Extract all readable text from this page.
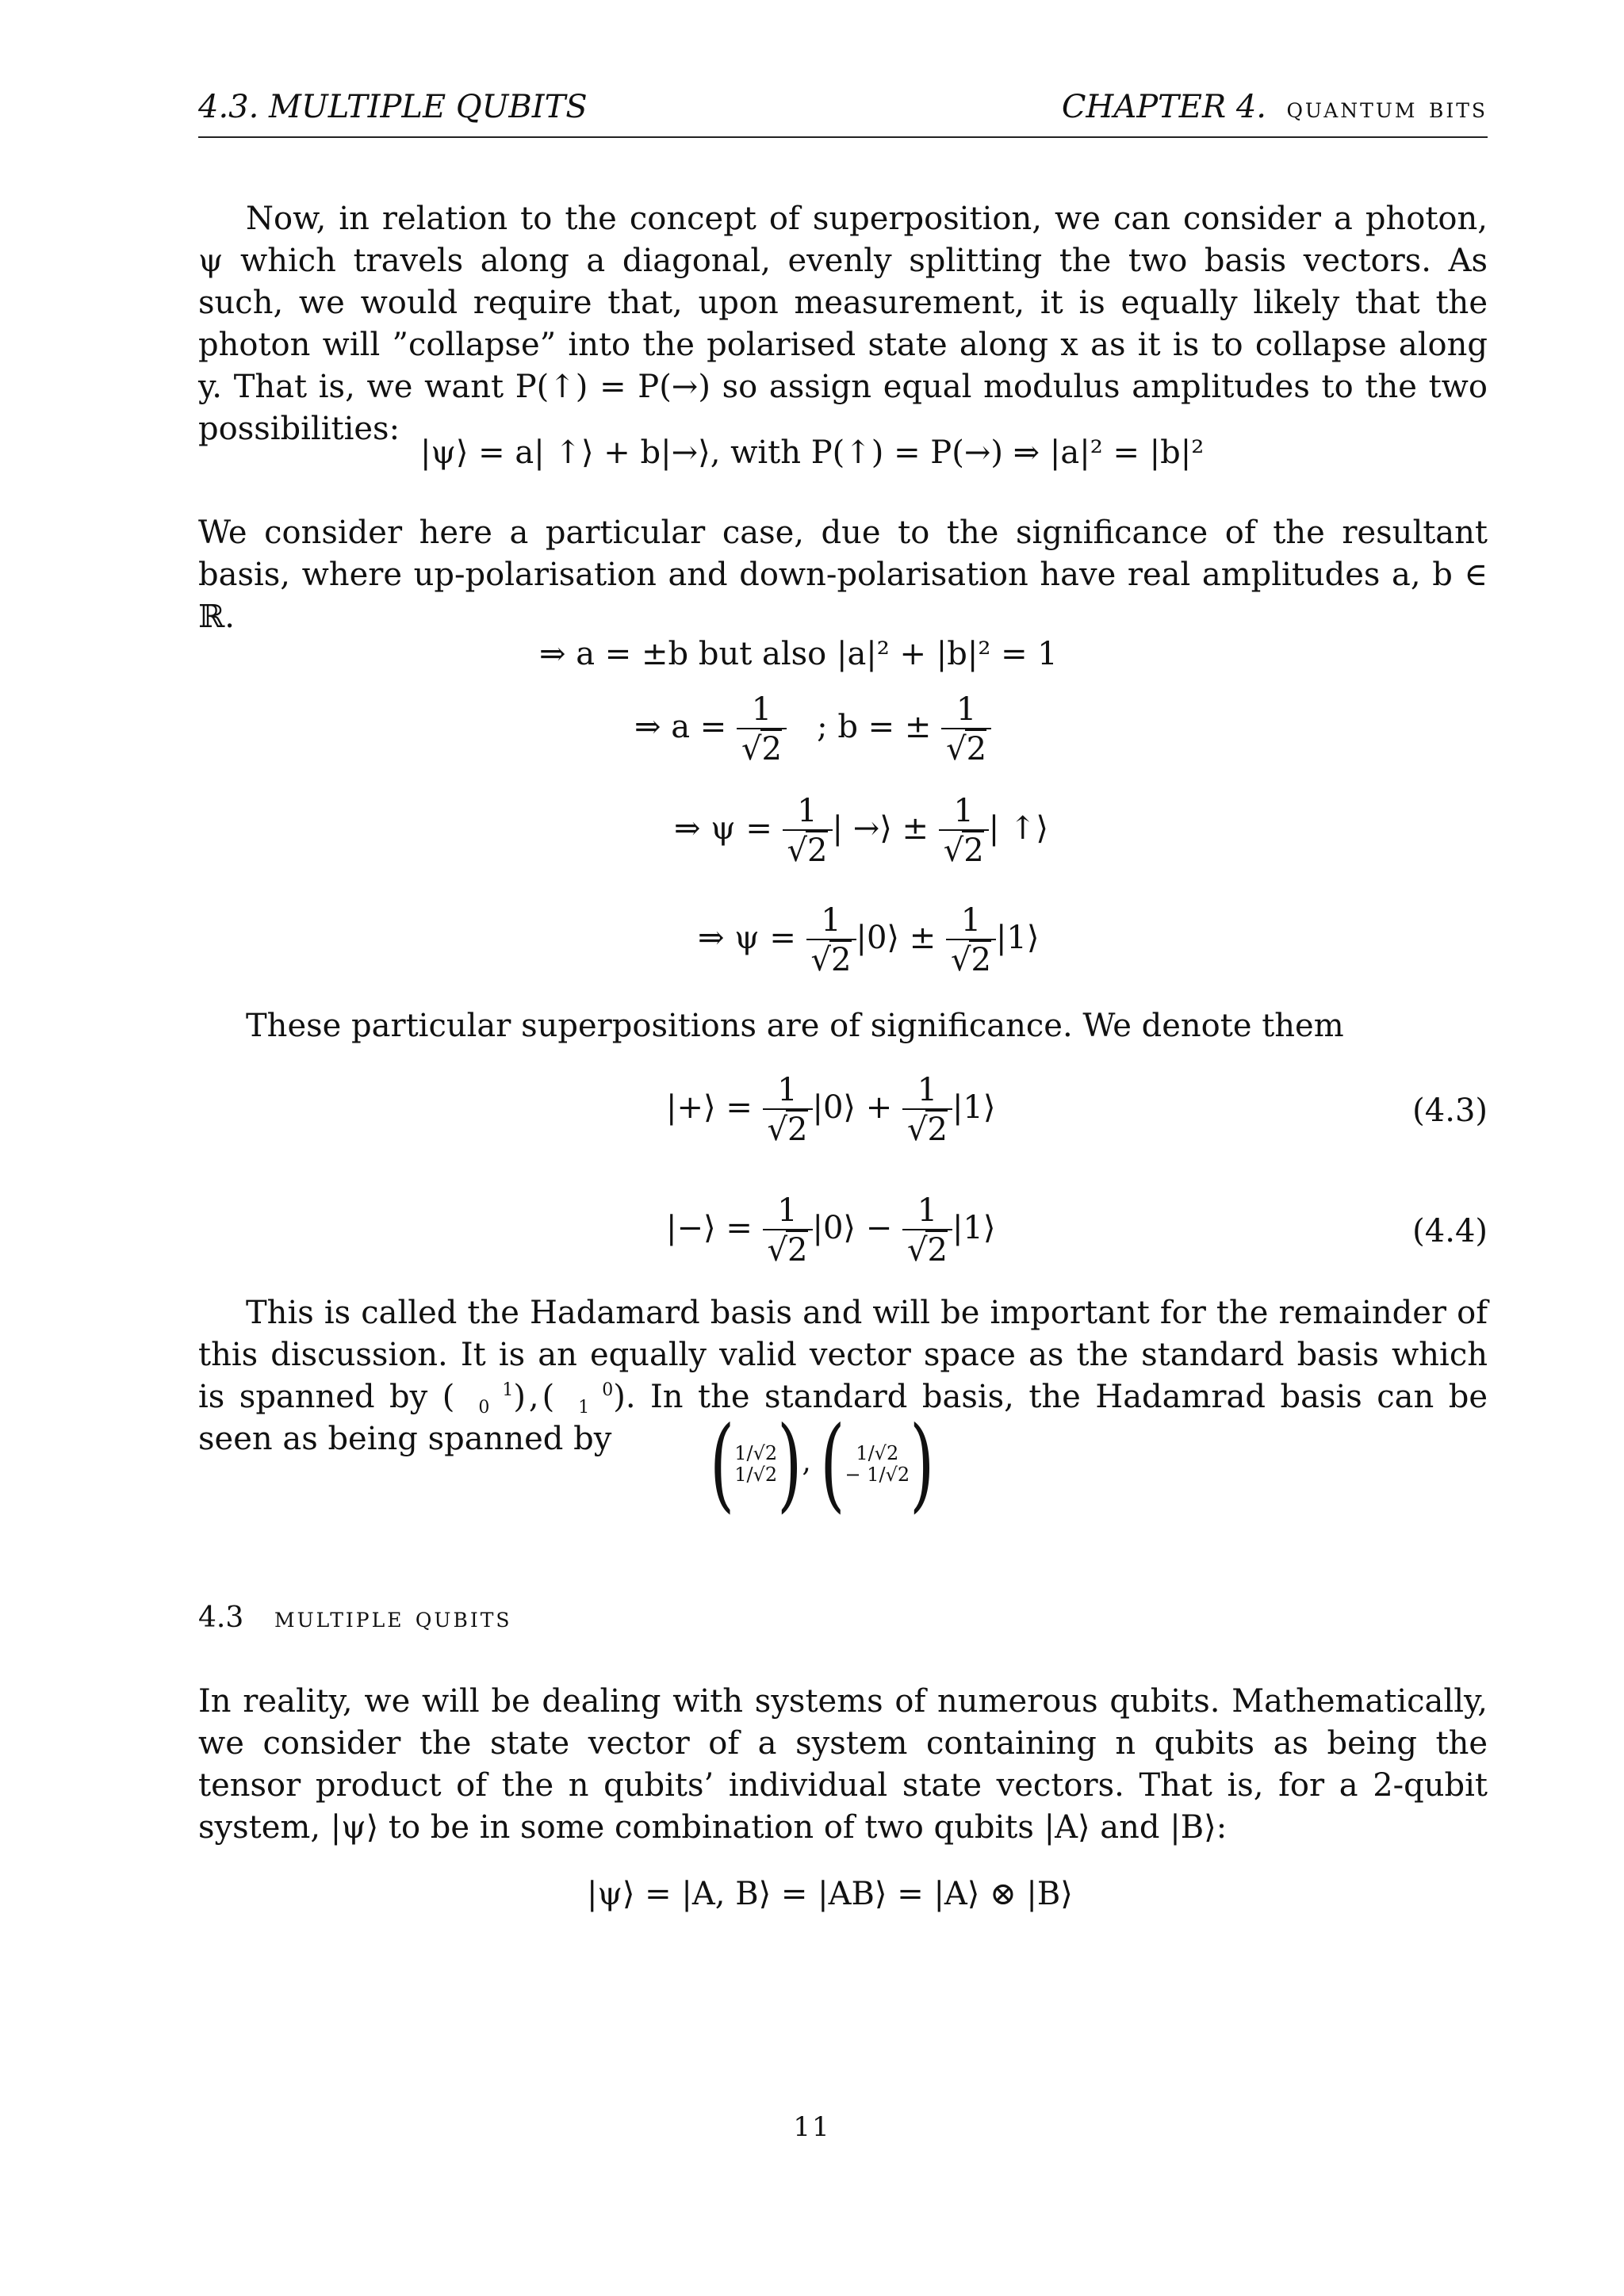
4.3. MULTIPLE QUBITS	CHAPTER 4. quantum bits
Now, in relation to the concept of superposition, we can consider a photon, ψ which travels along a diagonal, evenly splitting the two basis vectors. As such, we would require that, upon measurement, it is equally likely that the photon will ”collapse” into the polarised state along x as it is to collapse along y. That is, we want P(↑) = P(→) so assign equal modulus amplitudes to the two possibilities:
|ψ⟩ = a| ↑⟩ + b|→⟩, with P(↑) = P(→) ⇒ |a|² = |b|²
We consider here a particular case, due to the significance of the resultant basis, where up-polarisation and down-polarisation have real amplitudes a, b ∈ ℝ.
⇒ a = ±b but also |a|² + |b|² = 1
⇒ $a = \frac{1}{√2}$ ; b = ± $\frac{1}{√2}$
⇒ $\psi = \frac{1}{√2}$ | →⟩ ± $\frac{1}{√2}$ | ↑⟩
⇒ $\psi = \frac{1}{√2}$ |0⟩ ± $\frac{1}{√2}$ |1⟩
These particular superpositions are of significance. We denote them
|+⟩ = $\frac{1}{√2}$ |0⟩ + $\frac{1}{√2}$ |1⟩	(4.3)
|−⟩ = $\frac{1}{√2}$ |0⟩ − $\frac{1}{√2}$ |1⟩	(4.4)
This is called the Hadamard basis and will be important for the remainder of this discussion. It is an equally valid vector space as the standard basis which is spanned by (	1
0 ) , (	0
1 ). In the standard basis, the Hadamrad basis can be seen as being spanned by	(1/√2
1/√2), ( 1/√2
− 1/√2)
4.3 multiple qubits
In reality, we will be dealing with systems of numerous qubits. Mathematically, we consider the state vector of a system containing n qubits as being the tensor product of the n qubits’ individual state vectors. That is, for a 2-qubit system, |ψ⟩ to be in some combination of two qubits |A⟩ and |B⟩:
|ψ⟩ = |A, B⟩ = |AB⟩ = |A⟩ ⊗ |B⟩
11
